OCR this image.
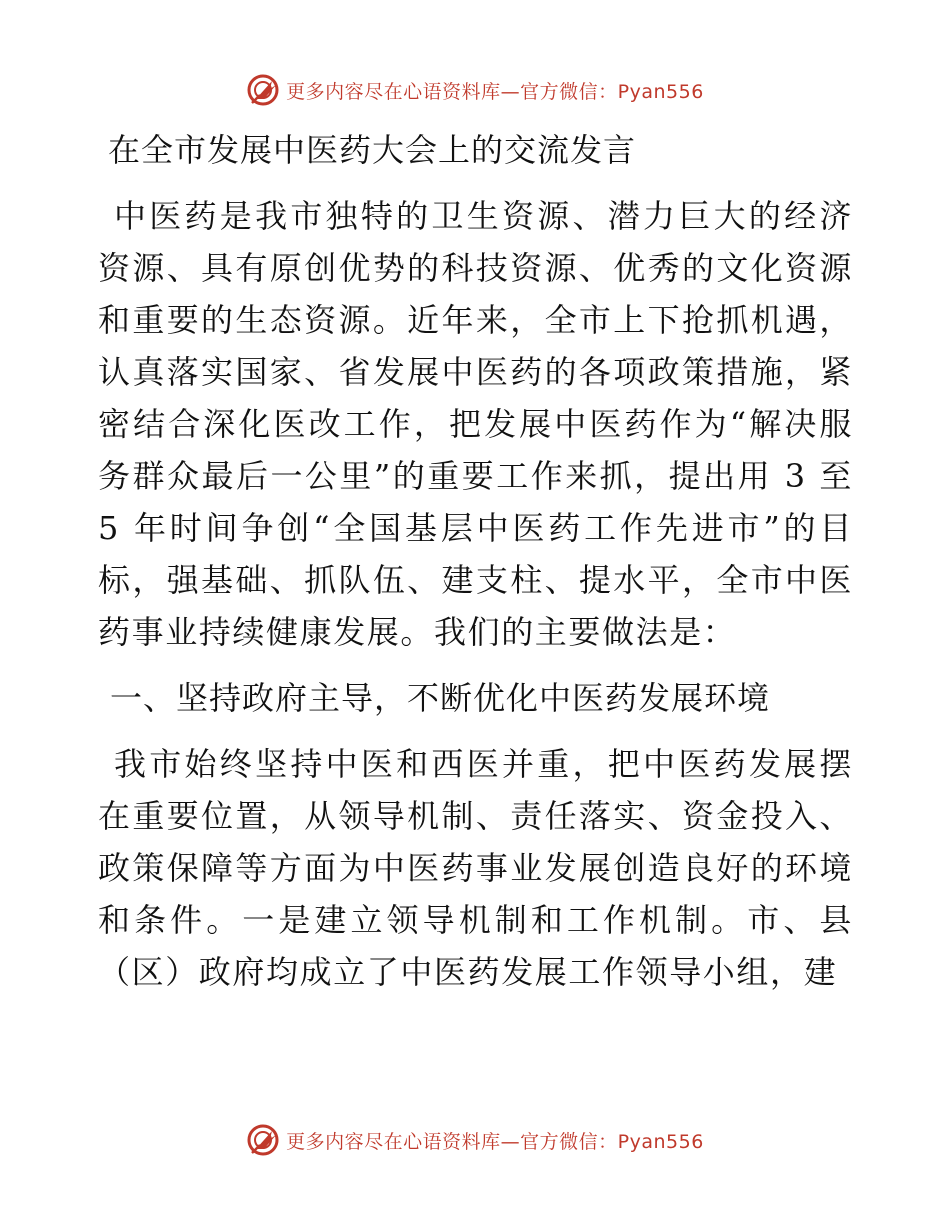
更多内容尽在心语资料库—官方微信：Pyan556
在全市发展中医药大会上的交流发言

中医药是我市独特的卫生资源、潜力巨大的经济资源、具有原创优势的科技资源、优秀的文化资源和重要的生态资源。近年来，全市上下抢抓机遇，认真落实国家、省发展中医药的各项政策措施，紧密结合深化医改工作，把发展中医药作为“解决服务群众最后一公里”的重要工作来抓，提出用 3 至 5 年时间争创“全国基层中医药工作先进市”的目标，强基础、抓队伍、建支柱、提水平，全市中医药事业持续健康发展。我们的主要做法是：

一、坚持政府主导，不断优化中医药发展环境

我市始终坚持中医和西医并重，把中医药发展摆在重要位置，从领导机制、责任落实、资金投入、政策保障等方面为中医药事业发展创造良好的环境和条件。一是建立领导机制和工作机制。市、县（区）政府均成立了中医药发展工作领导小组，建

更多内容尽在心语资料库—官方微信：Pyan556
